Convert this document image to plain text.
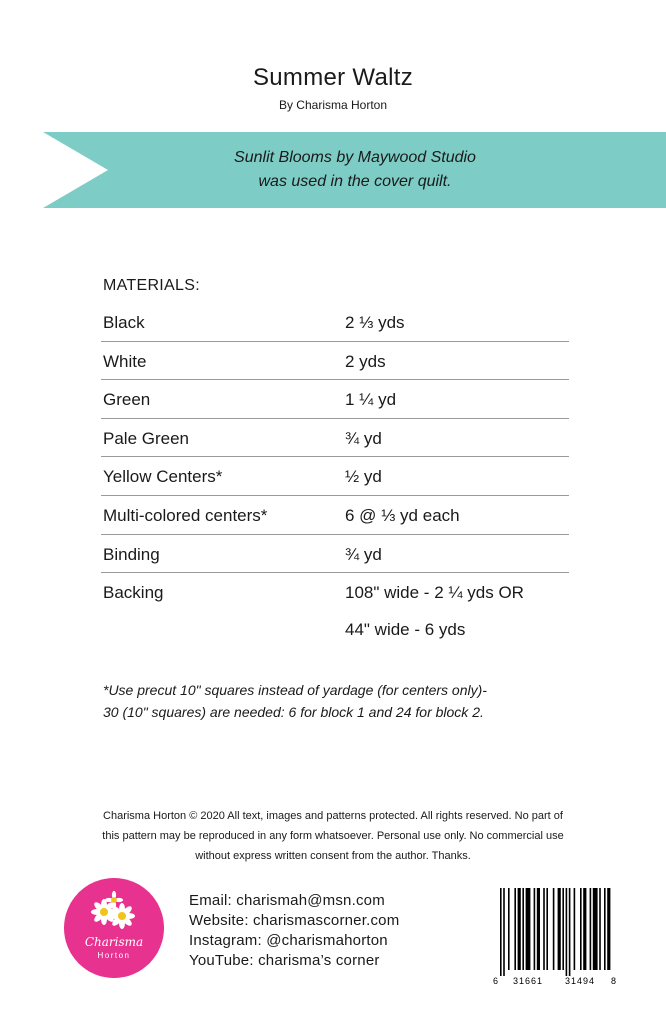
Summer Waltz
By Charisma Horton
Sunlit Blooms by Maywood Studio
was used in the cover quilt.
MATERIALS:
Black	2 ⅓ yds
White	2 yds
Green	1 ¼ yd
Pale Green	¾ yd
Yellow Centers*	½ yd
Multi-colored centers*	6 @ ⅓ yd each
Binding	¾ yd
Backing	108" wide - 2 ¼ yds OR
44" wide - 6 yds
*Use precut 10" squares instead of yardage (for centers only)-
30 (10" squares) are needed: 6 for block 1 and 24 for block 2.
Charisma Horton © 2020 All text, images and patterns protected. All rights reserved. No part of
this pattern may be reproduced in any form whatsoever. Personal use only. No commercial use
without express written consent from the author. Thanks.
Charisma
Horton
Email: charismah@msn.com
Website: charismascorner.com
Instagram: @charismahorton
YouTube: charisma’s corner
6 31661 31494 8
